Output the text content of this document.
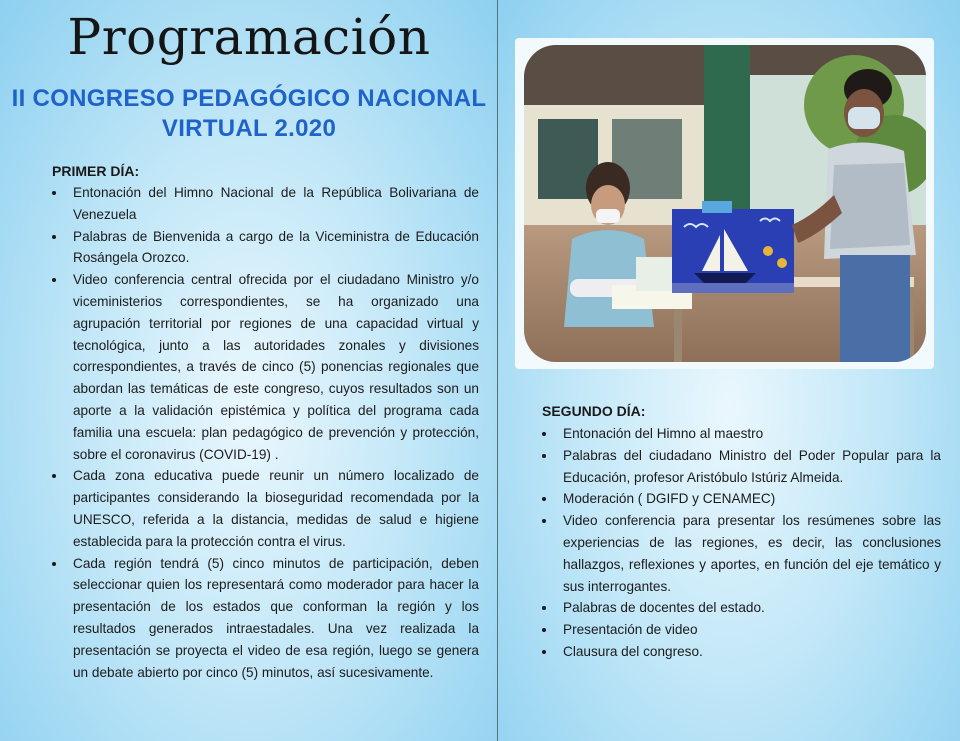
Programación
II CONGRESO PEDAGÓGICO NACIONAL
VIRTUAL 2.020
PRIMER DÍA:
Entonación del Himno Nacional de la República Bolivariana de Venezuela
Palabras de Bienvenida a cargo de la Viceministra de Educación Rosángela Orozco.
Video conferencia central ofrecida por el ciudadano Ministro y/o viceministerios correspondientes, se ha organizado una agrupación territorial por regiones de una capacidad virtual y tecnológica, junto a las autoridades zonales y divisiones correspondientes, a través de cinco (5) ponencias regionales que abordan las temáticas de este congreso, cuyos resultados son un aporte a la validación epistémica y política del programa cada familia una escuela: plan pedagógico de prevención y protección, sobre el coronavirus (COVID-19) .
Cada zona educativa puede reunir un número localizado de participantes considerando la bioseguridad recomendada por la UNESCO, referida a la distancia, medidas de salud e higiene establecida para la protección contra el virus.
Cada región tendrá (5) cinco minutos de participación, deben seleccionar quien los representará como moderador para hacer la presentación de los estados que conforman la región y los resultados generados intraestadales. Una vez realizada la presentación se proyecta el video de esa región, luego se genera un debate abierto por cinco (5) minutos, así sucesivamente.
SEGUNDO DÍA:
Entonación del Himno al maestro
Palabras del ciudadano Ministro del Poder Popular para la Educación, profesor Aristóbulo Istúriz Almeida.
Moderación ( DGIFD y CENAMEC)
Video conferencia para presentar los resúmenes sobre las experiencias de las regiones, es decir, las conclusiones hallazgos, reflexiones y aportes, en función del eje temático y sus interrogantes.
Palabras de docentes del estado.
Presentación de video
Clausura del congreso.
